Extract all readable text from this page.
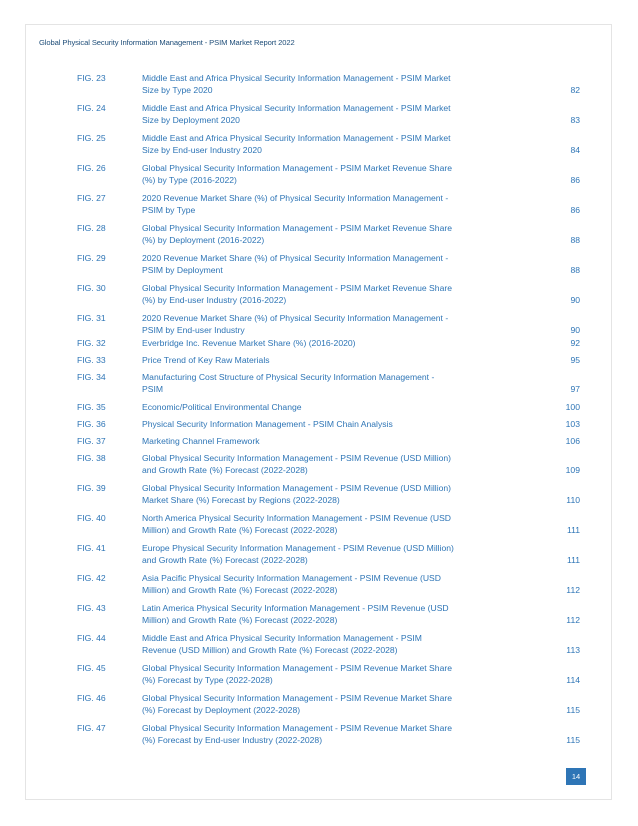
Global Physical Security Information Management - PSIM Market Report 2022
FIG. 23	Middle East and Africa Physical Security Information Management - PSIM Market
Size by Type 2020	82
FIG. 24	Middle East and Africa Physical Security Information Management - PSIM Market
Size by Deployment 2020	83
FIG. 25	Middle East and Africa Physical Security Information Management - PSIM Market
Size by End-user Industry 2020	84
FIG. 26	Global Physical Security Information Management - PSIM Market Revenue Share
(%) by Type (2016-2022)	86
FIG. 27	2020 Revenue Market Share (%) of Physical Security Information Management -
PSIM by Type	86
FIG. 28	Global Physical Security Information Management - PSIM Market Revenue Share
(%) by Deployment (2016-2022)	88
FIG. 29	2020 Revenue Market Share (%) of Physical Security Information Management -
PSIM by Deployment	88
FIG. 30	Global Physical Security Information Management - PSIM Market Revenue Share
(%) by End-user Industry (2016-2022)	90
FIG. 31	2020 Revenue Market Share (%) of Physical Security Information Management -
PSIM by End-user Industry	90
FIG. 32	Everbridge Inc. Revenue Market Share (%) (2016-2020)	92
FIG. 33	Price Trend of Key Raw Materials	95
FIG. 34	Manufacturing Cost Structure of Physical Security Information Management -
PSIM	97
FIG. 35	Economic/Political Environmental Change	100
FIG. 36	Physical Security Information Management - PSIM Chain Analysis	103
FIG. 37	Marketing Channel Framework	106
FIG. 38	Global Physical Security Information Management - PSIM Revenue (USD Million)
and Growth Rate (%) Forecast (2022-2028)	109
FIG. 39	Global Physical Security Information Management - PSIM Revenue (USD Million)
Market Share (%) Forecast by Regions (2022-2028)	110
FIG. 40	North America Physical Security Information Management - PSIM Revenue (USD
Million) and Growth Rate (%) Forecast (2022-2028)	111
FIG. 41	Europe Physical Security Information Management - PSIM Revenue (USD Million)
and Growth Rate (%) Forecast (2022-2028)	111
FIG. 42	Asia Pacific Physical Security Information Management - PSIM Revenue (USD
Million) and Growth Rate (%) Forecast (2022-2028)	112
FIG. 43	Latin America Physical Security Information Management - PSIM Revenue (USD
Million) and Growth Rate (%) Forecast (2022-2028)	112
FIG. 44	Middle East and Africa Physical Security Information Management - PSIM
Revenue (USD Million) and Growth Rate (%) Forecast (2022-2028)	113
FIG. 45	Global Physical Security Information Management - PSIM Revenue Market Share
(%) Forecast by Type (2022-2028)	114
FIG. 46	Global Physical Security Information Management - PSIM Revenue Market Share
(%) Forecast by Deployment (2022-2028)	115
FIG. 47	Global Physical Security Information Management - PSIM Revenue Market Share
(%) Forecast by End-user Industry (2022-2028)	115
14
